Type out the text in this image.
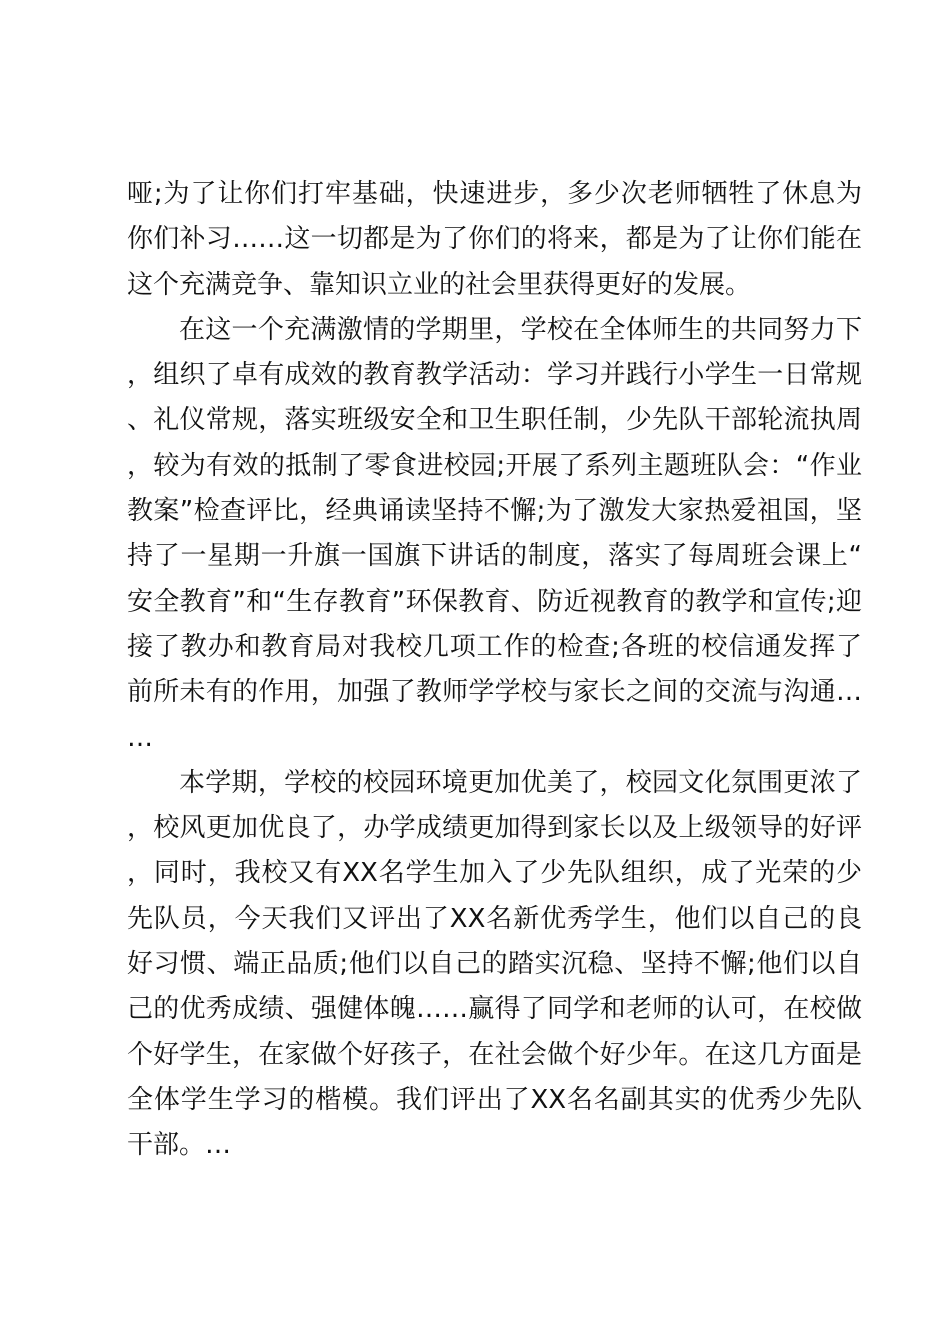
哑;为了让你们打牢基础，快速进步，多少次老师牺牲了休息为你们补习……这一切都是为了你们的将来，都是为了让你们能在这个充满竞争、靠知识立业的社会里获得更好的发展。

在这一个充满激情的学期里，学校在全体师生的共同努力下，组织了卓有成效的教育教学活动：学习并践行小学生一日常规、礼仪常规，落实班级安全和卫生职任制，少先队干部轮流执周，较为有效的抵制了零食进校园;开展了系列主题班队会：“作业教案”检查评比，经典诵读坚持不懈;为了激发大家热爱祖国，坚持了一星期一升旗一国旗下讲话的制度，落实了每周班会课上“安全教育”和“生存教育”环保教育、防近视教育的教学和宣传;迎接了教办和教育局对我校几项工作的检查;各班的校信通发挥了前所未有的作用，加强了教师学学校与家长之间的交流与沟通……

本学期，学校的校园环境更加优美了，校园文化氛围更浓了，校风更加优良了，办学成绩更加得到家长以及上级领导的好评，同时，我校又有XX名学生加入了少先队组织，成了光荣的少先队员，今天我们又评出了XX名新优秀学生，他们以自己的良好习惯、端正品质;他们以自己的踏实沉稳、坚持不懈;他们以自己的优秀成绩、强健体魄……赢得了同学和老师的认可，在校做个好学生，在家做个好孩子，在社会做个好少年。在这几方面是全体学生学习的楷模。我们评出了XX名名副其实的优秀少先队干部。…
